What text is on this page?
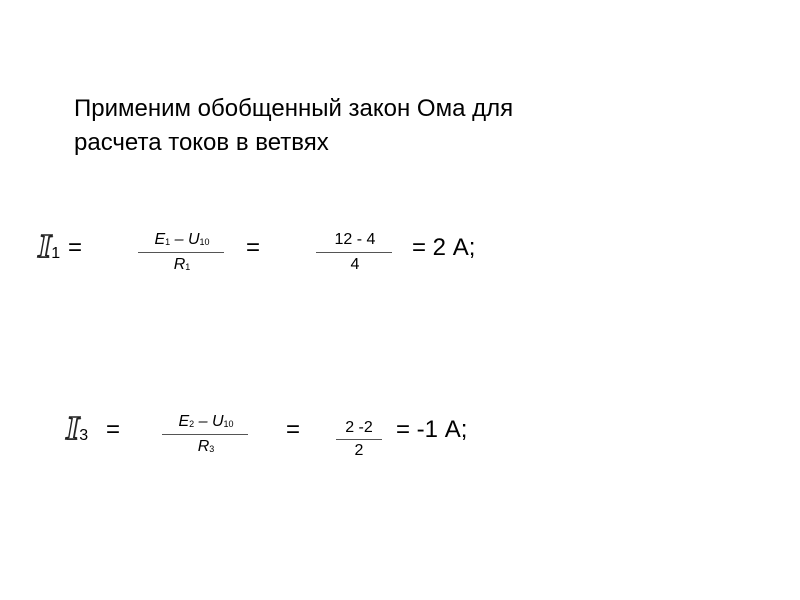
Применим обобщенный закон Ома для
расчета токов в ветвях
I1 =	E1 – U10
R1
=	12 - 4
4
= 2 А;
I3 =	E2 – U10
R3
=	2 -2
2
= -1 А;
